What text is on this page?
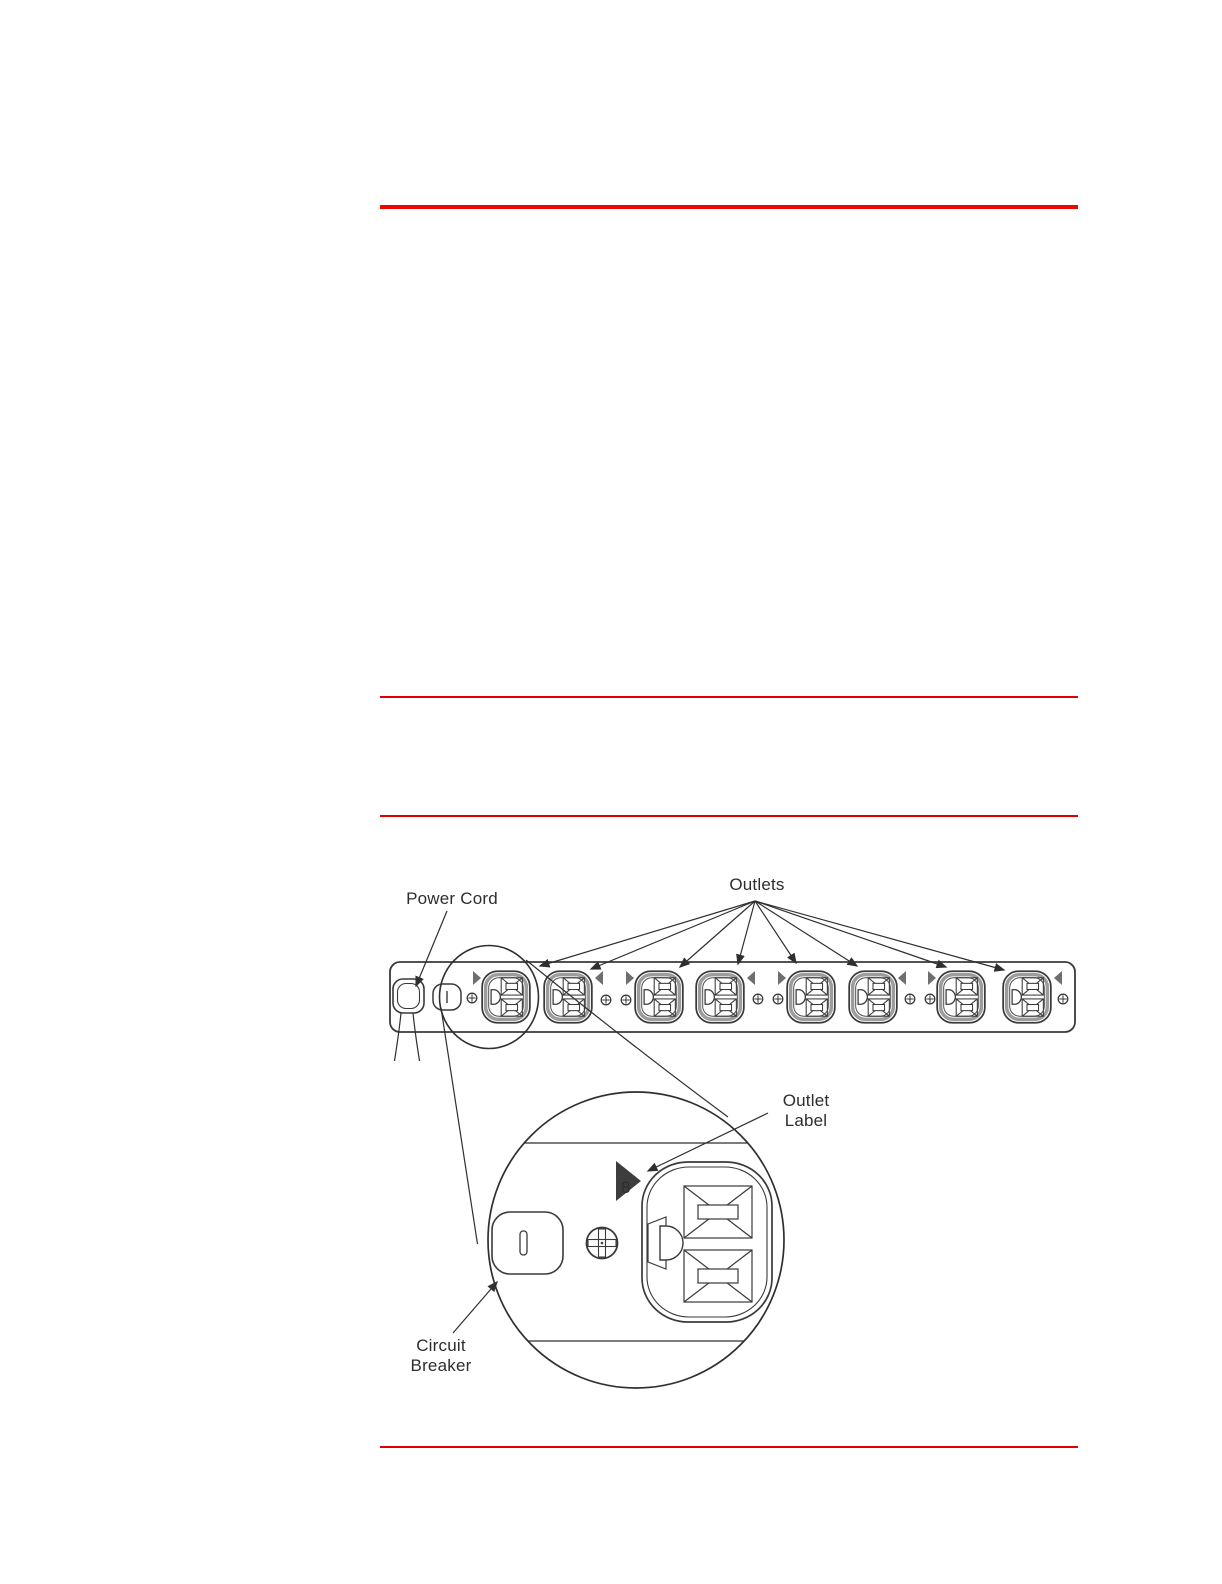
8
Power Cord
Outlets
Outlet
Label
Circuit
Breaker
